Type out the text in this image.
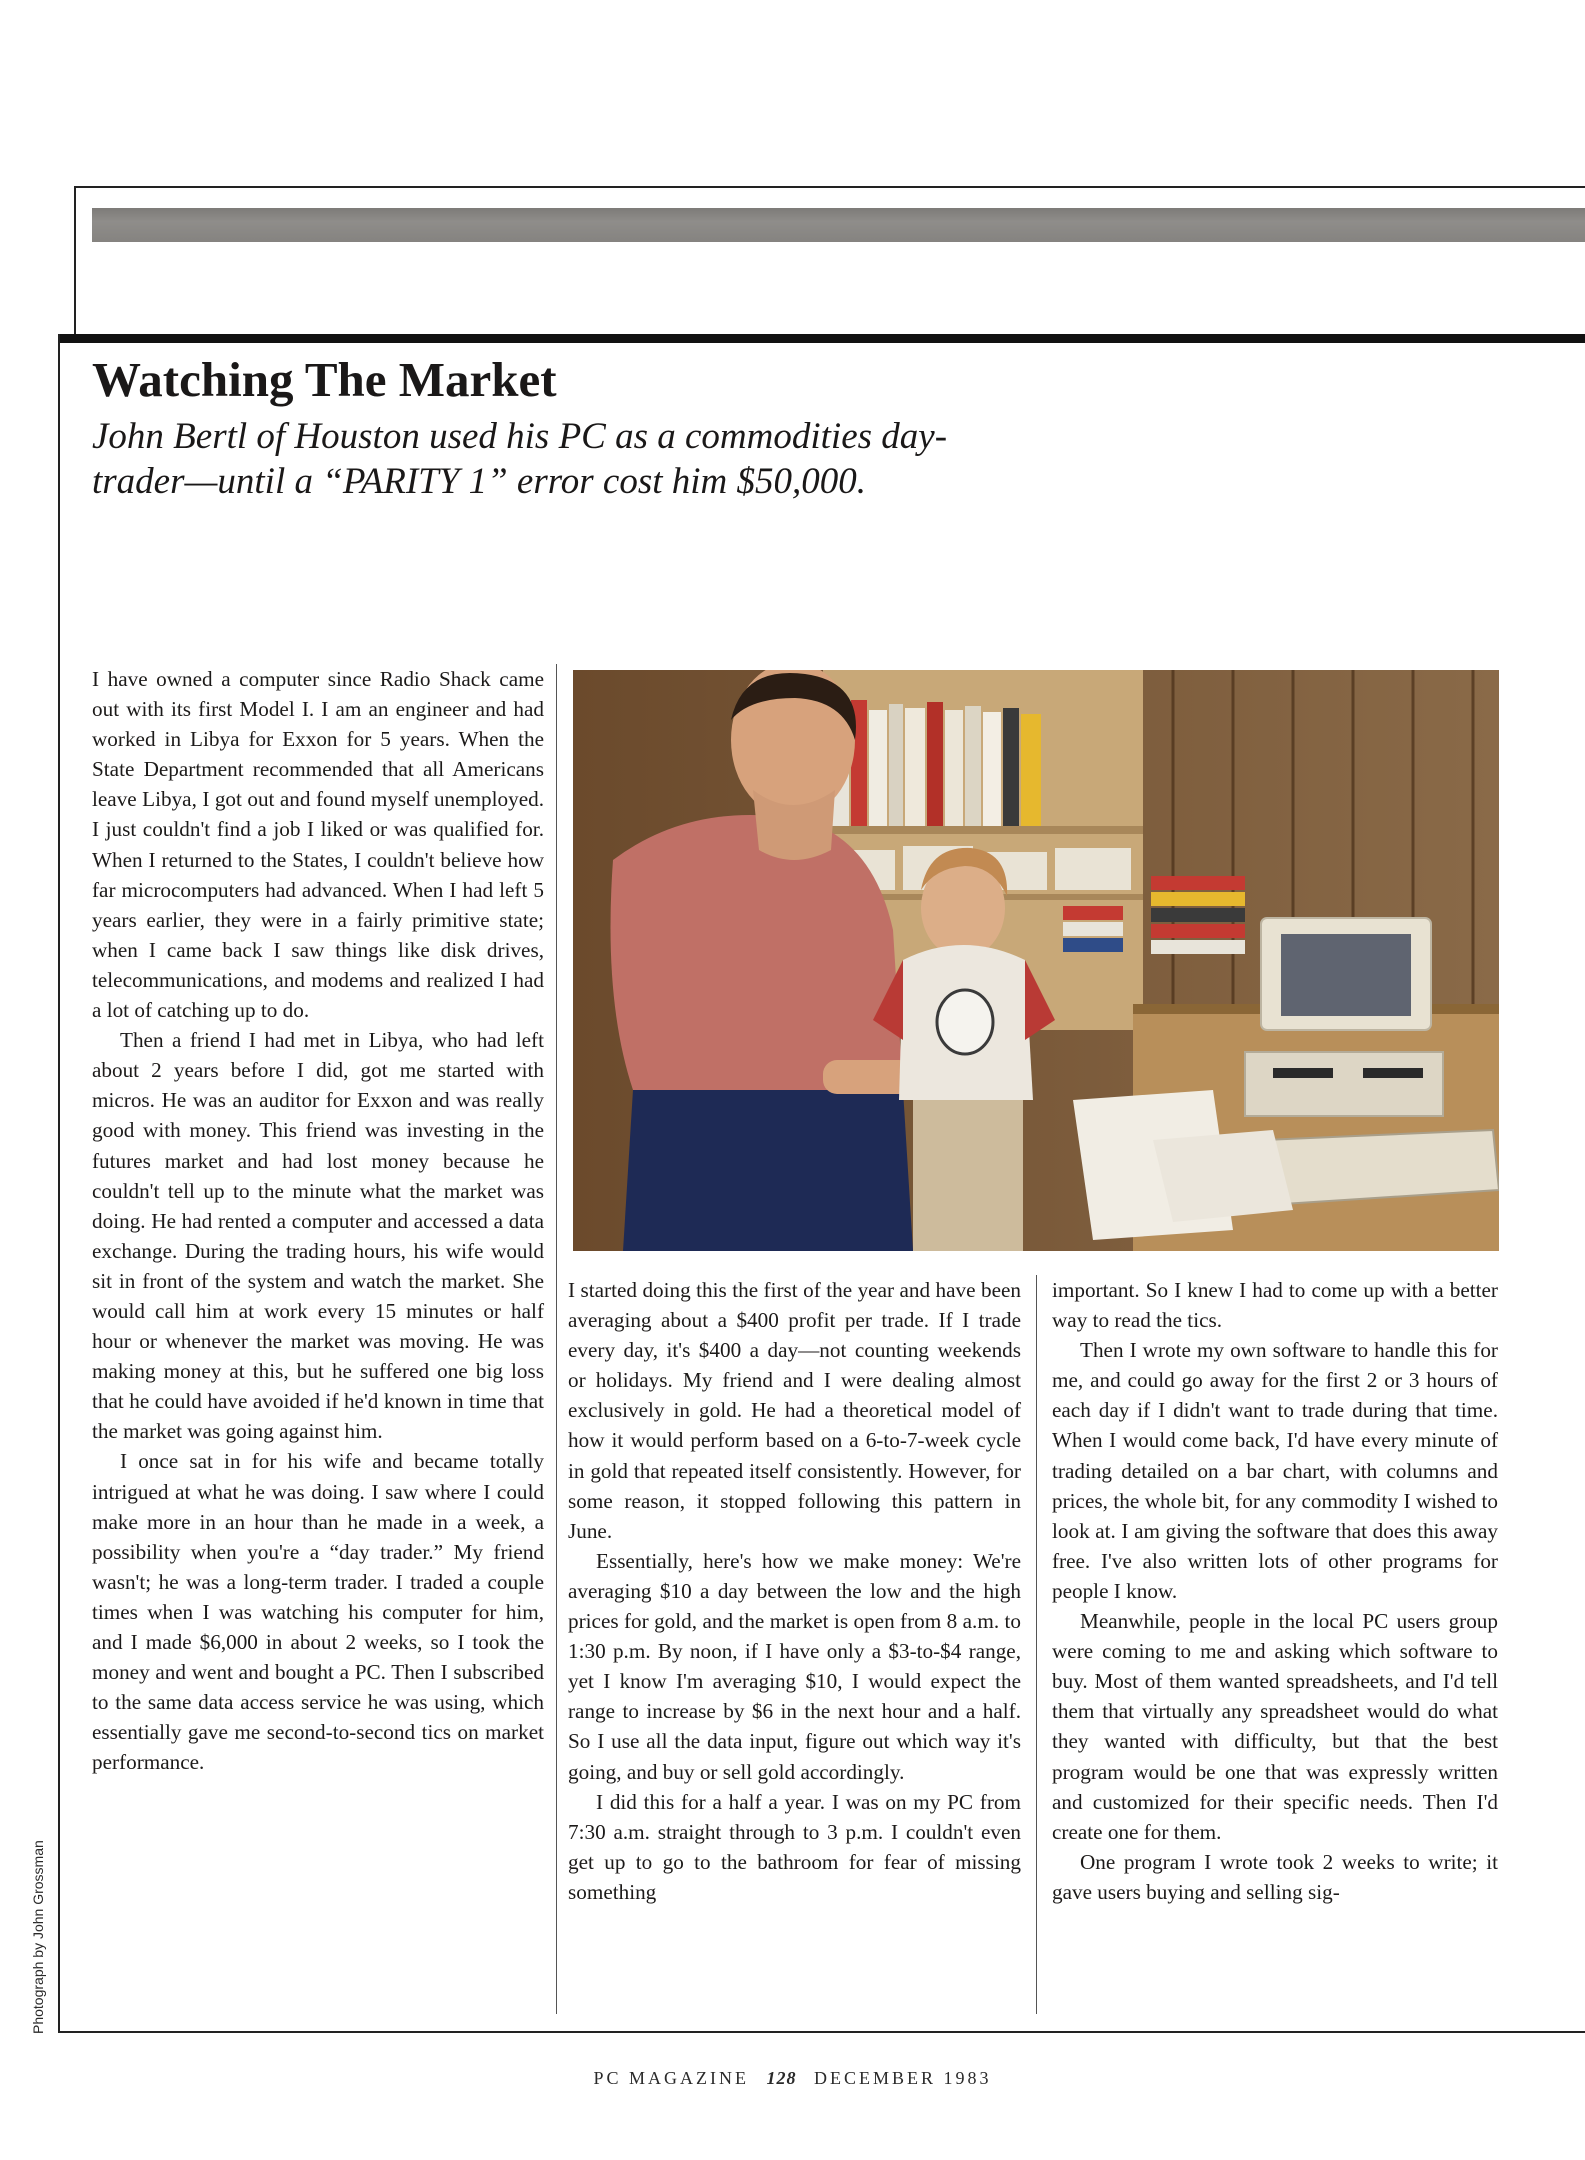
Watching The Market

John Bertl of Houston used his PC as a commodities day-trader—until a “PARITY 1” error cost him $50,000.

I have owned a computer since Radio Shack came out with its first Model I. I am an engineer and had worked in Libya for Exxon for 5 years. When the State Department recommended that all Americans leave Libya, I got out and found myself unemployed. I just couldn't find a job I liked or was qualified for. When I returned to the States, I couldn't believe how far microcomputers had advanced. When I had left 5 years earlier, they were in a fairly primitive state; when I came back I saw things like disk drives, telecommunications, and modems and realized I had a lot of catching up to do.

Then a friend I had met in Libya, who had left about 2 years before I did, got me started with micros. He was an auditor for Exxon and was really good with money. This friend was investing in the futures market and had lost money because he couldn't tell up to the minute what the market was doing. He had rented a computer and accessed a data exchange. During the trading hours, his wife would sit in front of the system and watch the market. She would call him at work every 15 minutes or half hour or whenever the market was moving. He was making money at this, but he suffered one big loss that he could have avoided if he'd known in time that the market was going against him.

I once sat in for his wife and became totally intrigued at what he was doing. I saw where I could make more in an hour than he made in a week, a possibility when you're a “day trader.” My friend wasn't; he was a long-term trader. I traded a couple times when I was watching his computer for him, and I made $6,000 in about 2 weeks, so I took the money and went and bought a PC. Then I subscribed to the same data access service he was using, which essentially gave me second-to-second tics on market performance.

I started doing this the first of the year and have been averaging about a $400 profit per trade. If I trade every day, it's $400 a day—not counting weekends or holidays. My friend and I were dealing almost exclusively in gold. He had a theoretical model of how it would perform based on a 6-to-7-week cycle in gold that repeated itself consistently. However, for some reason, it stopped following this pattern in June.

Essentially, here's how we make money: We're averaging $10 a day between the low and the high prices for gold, and the market is open from 8 a.m. to 1:30 p.m. By noon, if I have only a $3-to-$4 range, yet I know I'm averaging $10, I would expect the range to increase by $6 in the next hour and a half. So I use all the data input, figure out which way it's going, and buy or sell gold accordingly.

I did this for a half a year. I was on my PC from 7:30 a.m. straight through to 3 p.m. I couldn't even get up to go to the bathroom for fear of missing something

important. So I knew I had to come up with a better way to read the tics.

Then I wrote my own software to handle this for me, and could go away for the first 2 or 3 hours of each day if I didn't want to trade during that time. When I would come back, I'd have every minute of trading detailed on a bar chart, with columns and prices, the whole bit, for any commodity I wished to look at. I am giving the software that does this away free. I've also written lots of other programs for people I know.

Meanwhile, people in the local PC users group were coming to me and asking which software to buy. Most of them wanted spreadsheets, and I'd tell them that virtually any spreadsheet would do what they wanted with difficulty, but that the best program would be one that was expressly written and customized for their specific needs. Then I'd create one for them.

One program I wrote took 2 weeks to write; it gave users buying and selling sig-

Photograph by John Grossman
PC MAGAZINE 128 DECEMBER 1983
